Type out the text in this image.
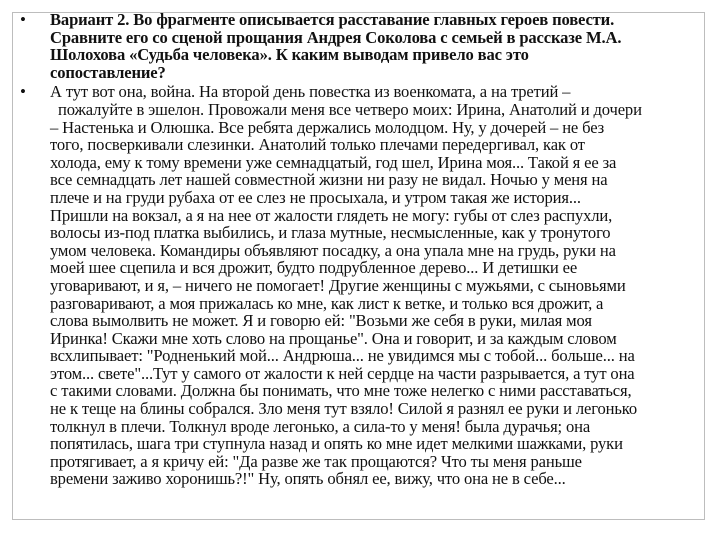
• Вариант 2. Во фрагменте описывается расставание главных героев повести.
Сравните его со сценой прощания Андрея Соколова с семьей в рассказе М.А.
Шолохова «Судьба человека». К каким выводам привело вас это
сопоставление?
• А тут вот она, война. На второй день повестка из военкомата, а на третий –
пожалуйте в эшелон. Провожали меня все четверо моих: Ирина, Анатолий и дочери
– Настенька и Олюшка. Все ребята держались молодцом. Ну, у дочерей – не без
того, посверкивали слезинки. Анатолий только плечами передергивал, как от
холода, ему к тому времени уже семнадцатый, год шел, Ирина моя... Такой я ее за
все семнадцать лет нашей совместной жизни ни разу не видал. Ночью у меня на
плече и на груди рубаха от ее слез не просыхала, и утром такая же история...
Пришли на вокзал, а я на нее от жалости глядеть не могу: губы от слез распухли,
волосы из-под платка выбились, и глаза мутные, несмысленные, как у тронутого
умом человека. Командиры объявляют посадку, а она упала мне на грудь, руки на
моей шее сцепила и вся дрожит, будто подрубленное дерево... И детишки ее
уговаривают, и я, – ничего не помогает! Другие женщины с мужьями, с сыновьями
разговаривают, а моя прижалась ко мне, как лист к ветке, и только вся дрожит, а
слова вымолвить не может. Я и говорю ей: "Возьми же себя в руки, милая моя
Иринка! Скажи мне хоть слово на прощанье". Она и говорит, и за каждым словом
всхлипывает: "Родненький мой... Андрюша... не увидимся мы с тобой... больше... на
этом... свете"...Тут у самого от жалости к ней сердце на части разрывается, а тут она
с такими словами. Должна бы понимать, что мне тоже нелегко с ними расставаться,
не к теще на блины собрался. Зло меня тут взяло! Силой я разнял ее руки и легонько
толкнул в плечи. Толкнул вроде легонько, а сила-то у меня! была дурачья; она
попятилась, шага три ступнула назад и опять ко мне идет мелкими шажками, руки
протягивает, а я кричу ей: "Да разве же так прощаются? Что ты меня раньше
времени заживо хоронишь?!" Ну, опять обнял ее, вижу, что она не в себе...
